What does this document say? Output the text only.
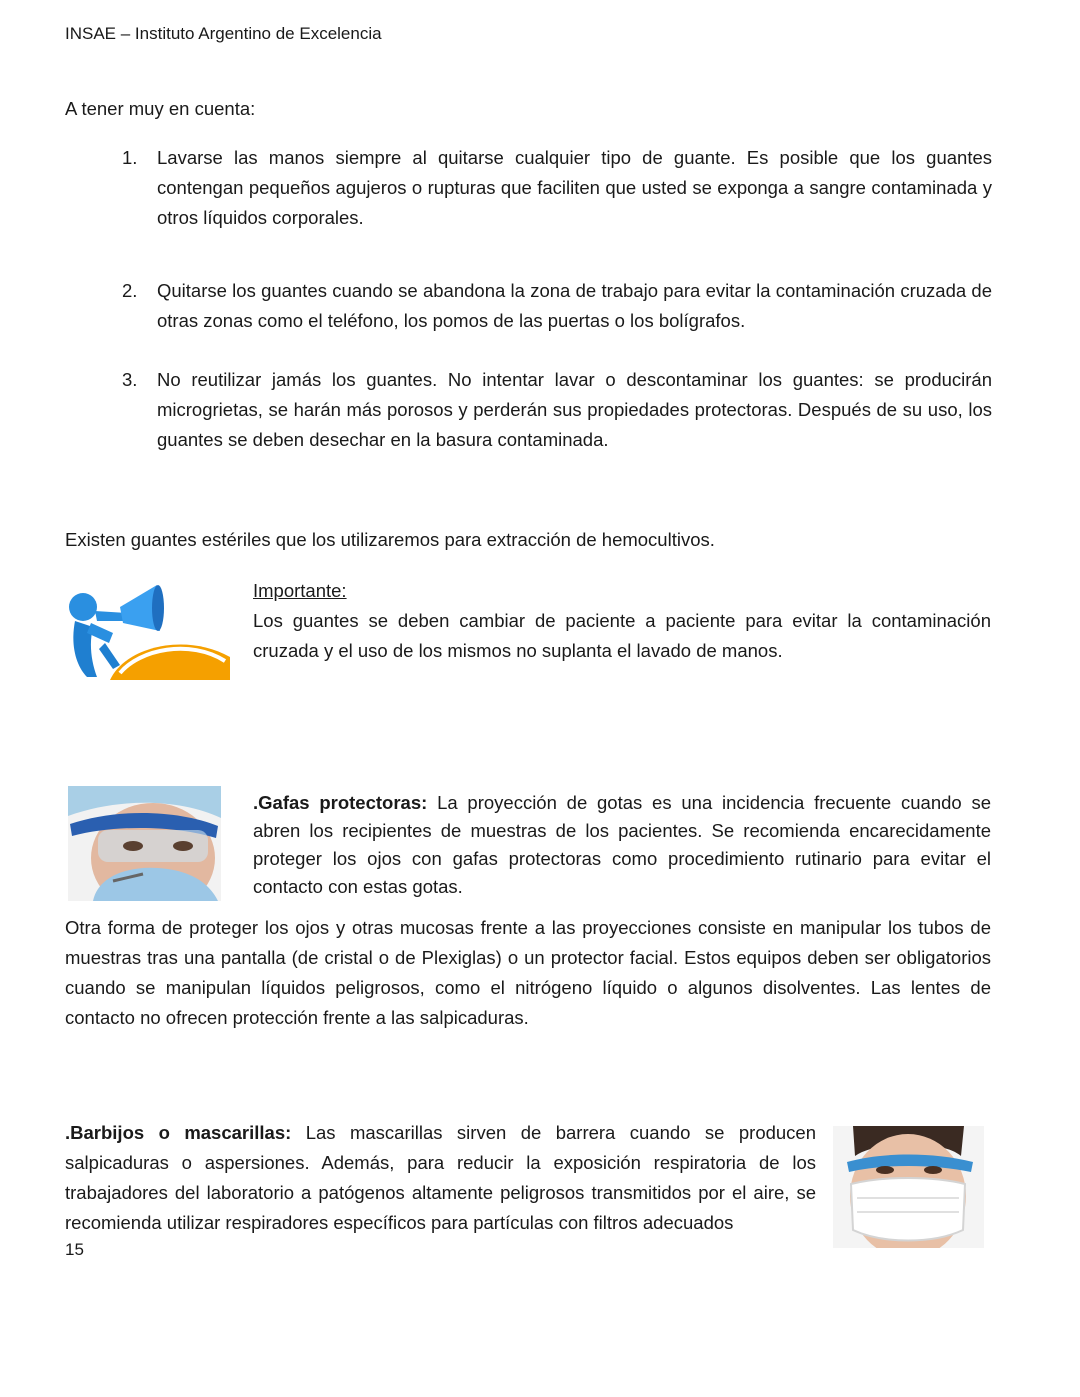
INSAE – Instituto Argentino de Excelencia
A tener muy en cuenta:
1.	Lavarse las manos siempre al quitarse cualquier tipo de guante. Es posible que los guantes contengan pequeños agujeros o rupturas que faciliten que usted se exponga a sangre contaminada y otros líquidos corporales.
2.	Quitarse los guantes cuando se abandona la zona de trabajo para evitar la contaminación cruzada de otras zonas como el teléfono, los pomos de las puertas o los bolígrafos.
3.	No reutilizar jamás los guantes. No intentar lavar o descontaminar los guantes: se producirán microgrietas, se harán más porosos y perderán sus propiedades protectoras. Después de su uso, los guantes se deben desechar en la basura contaminada.
Existen guantes estériles que los utilizaremos para extracción de hemocultivos.
Importante:
Los guantes se deben cambiar de paciente a paciente para evitar la contaminación cruzada y el uso de los mismos no suplanta el lavado de manos.
.Gafas protectoras: La proyección de gotas es una incidencia frecuente cuando se abren los recipientes de muestras de los pacientes. Se recomienda encarecidamente proteger los ojos con gafas protectoras como procedimiento rutinario para evitar el contacto con estas gotas.
Otra forma de proteger los ojos y otras mucosas frente a las proyecciones consiste en manipular los tubos de muestras tras una pantalla (de cristal o de Plexiglas) o un protector facial. Estos equipos deben ser obligatorios cuando se manipulan líquidos peligrosos, como el nitrógeno líquido o algunos disolventes. Las lentes de contacto no ofrecen protección frente a las salpicaduras.
.Barbijos o mascarillas: Las mascarillas sirven de barrera cuando se producen salpicaduras o aspersiones. Además, para reducir la exposición respiratoria de los trabajadores del laboratorio a patógenos altamente peligrosos transmitidos por el aire, se recomienda utilizar respiradores específicos para partículas con filtros adecuados
15
